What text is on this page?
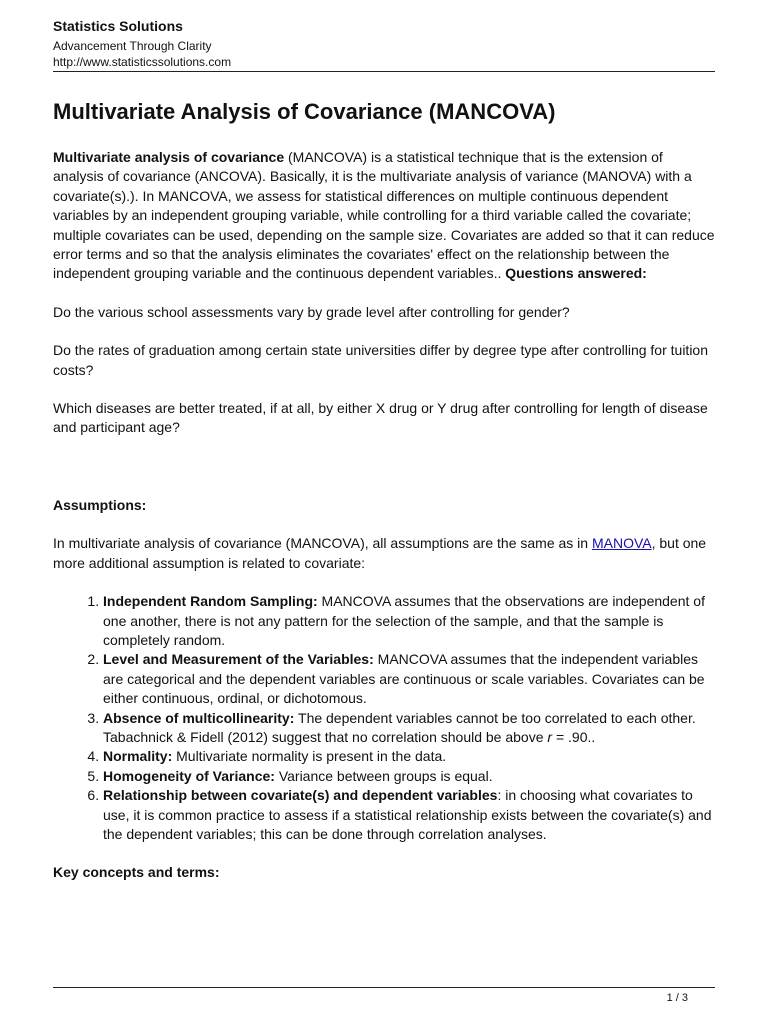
Statistics Solutions
Advancement Through Clarity
http://www.statisticssolutions.com
Multivariate Analysis of Covariance (MANCOVA)

Multivariate analysis of covariance (MANCOVA) is a statistical technique that is the extension of analysis of covariance (ANCOVA). Basically, it is the multivariate analysis of variance (MANOVA) with a covariate(s).). In MANCOVA, we assess for statistical differences on multiple continuous dependent variables by an independent grouping variable, while controlling for a third variable called the covariate; multiple covariates can be used, depending on the sample size. Covariates are added so that it can reduce error terms and so that the analysis eliminates the covariates' effect on the relationship between the independent grouping variable and the continuous dependent variables.. Questions answered:

Do the various school assessments vary by grade level after controlling for gender?

Do the rates of graduation among certain state universities differ by degree type after controlling for tuition costs?

Which diseases are better treated, if at all, by either X drug or Y drug after controlling for length of disease and participant age?

Assumptions:

In multivariate analysis of covariance (MANCOVA), all assumptions are the same as in MANOVA, but one more additional assumption is related to covariate:

1. Independent Random Sampling: MANCOVA assumes that the observations are independent of one another, there is not any pattern for the selection of the sample, and that the sample is completely random.
2. Level and Measurement of the Variables: MANCOVA assumes that the independent variables are categorical and the dependent variables are continuous or scale variables. Covariates can be either continuous, ordinal, or dichotomous.
3. Absence of multicollinearity: The dependent variables cannot be too correlated to each other. Tabachnick & Fidell (2012) suggest that no correlation should be above r = .90..
4. Normality: Multivariate normality is present in the data.
5. Homogeneity of Variance: Variance between groups is equal.
6. Relationship between covariate(s) and dependent variables: in choosing what covariates to use, it is common practice to assess if a statistical relationship exists between the covariate(s) and the dependent variables; this can be done through correlation analyses.

Key concepts and terms:

1 / 3
